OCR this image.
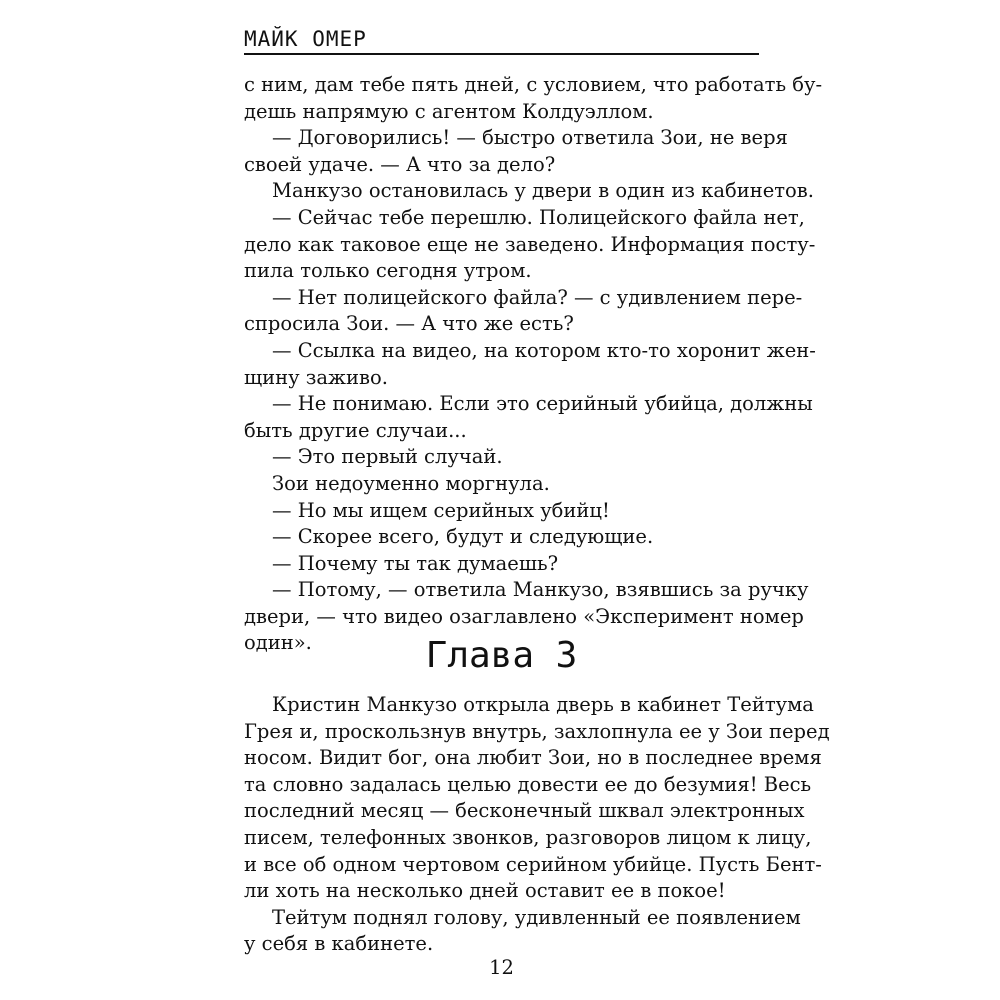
МАЙК ОМЕР
с ним, дам тебе пять дней, с условием, что работать бу-
дешь напрямую с агентом Колдуэллом.
— Договорились! — быстро ответила Зои, не веря
своей удаче. — А что за дело?
Манкузо остановилась у двери в один из кабинетов.
— Сейчас тебе перешлю. Полицейского файла нет,
дело как таковое еще не заведено. Информация посту-
пила только сегодня утром.
— Нет полицейского файла? — с удивлением пере-
спросила Зои. — А что же есть?
— Ссылка на видео, на котором кто-то хоронит жен-
щину заживо.
— Не понимаю. Если это серийный убийца, должны
быть другие случаи...
— Это первый случай.
Зои недоуменно моргнула.
— Но мы ищем серийных убийц!
— Скорее всего, будут и следующие.
— Почему ты так думаешь?
— Потому, — ответила Манкузо, взявшись за ручку
двери, — что видео озаглавлено «Эксперимент номер
один».	Глава 3
Кристин Манкузо открыла дверь в кабинет Тейтума
Грея и, проскользнув внутрь, захлопнула ее у Зои перед
носом. Видит бог, она любит Зои, но в последнее время
та словно задалась целью довести ее до безумия! Весь
последний месяц — бесконечный шквал электронных
писем, телефонных звонков, разговоров лицом к лицу,
и все об одном чертовом серийном убийце. Пусть Бент-
ли хоть на несколько дней оставит ее в покое!
Тейтум поднял голову, удивленный ее появлением
у себя в кабинете.
12
